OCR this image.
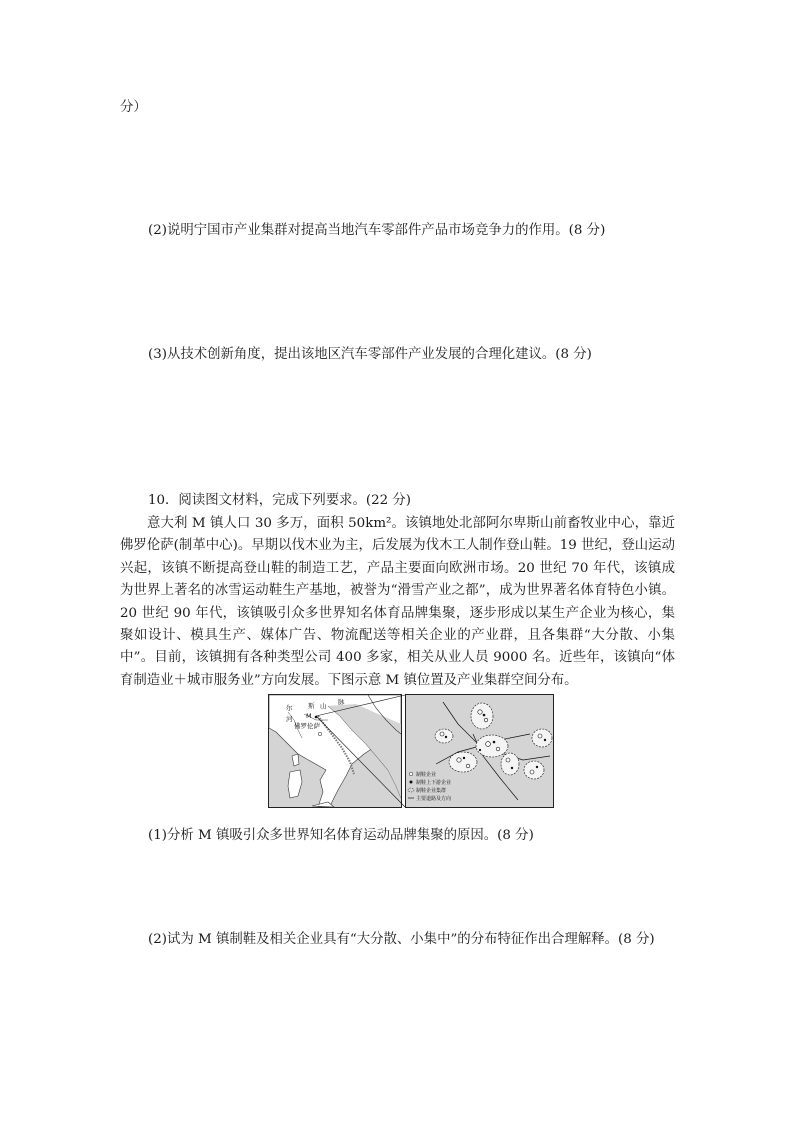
分）
(2)说明宁国市产业集群对提高当地汽车零部件产品市场竞争力的作用。(8 分)
(3)从技术创新角度，提出该地区汽车零部件产业发展的合理化建议。(8 分)
10．阅读图文材料，完成下列要求。(22 分)
意大利 M 镇人口 30 多万，面积 50km²。该镇地处北部阿尔卑斯山前畜牧业中心，靠近佛罗伦萨(制革中心)。早期以伐木业为主，后发展为伐木工人制作登山鞋。19 世纪，登山运动兴起，该镇不断提高登山鞋的制造工艺，产品主要面向欧洲市场。20 世纪 70 年代，该镇成为世界上著名的冰雪运动鞋生产基地，被誉为“滑雪产业之都”，成为世界著名体育特色小镇。20 世纪 90 年代，该镇吸引众多世界知名体育品牌集聚，逐步形成以某生产企业为核心，集聚如设计、模具生产、媒体广告、物流配送等相关企业的产业群，且各集群“大分散、小集中”。目前，该镇拥有各种类型公司 400 多家，相关从业人员 9000 名。近些年，该镇向“体育制造业＋城市服务业”方向发展。下图示意 M 镇位置及产业集群空间分布。
尔
河
斯 山 脉
M
佛罗伦萨
制鞋企业
制鞋上下游企业
制鞋企业集群
主要道路及方向
(1)分析 M 镇吸引众多世界知名体育运动品牌集聚的原因。(8 分)
(2)试为 M 镇制鞋及相关企业具有“大分散、小集中”的分布特征作出合理解释。(8 分)
